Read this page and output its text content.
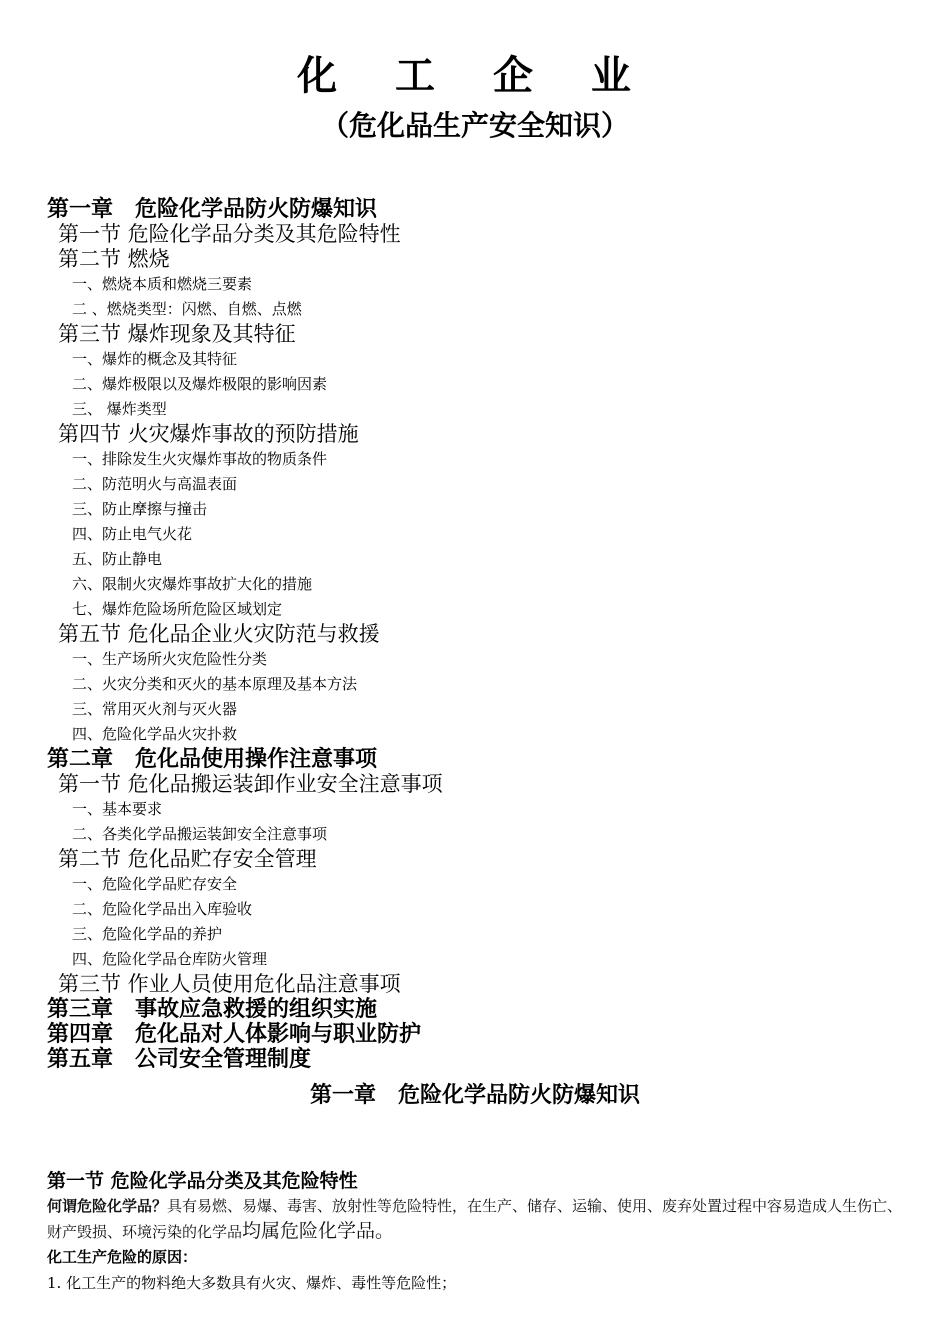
化 工 企 业
（危化品生产安全知识）
第一章　危险化学品防火防爆知识
第一节 危险化学品分类及其危险特性
第二节 燃烧
一、燃烧本质和燃烧三要素
二 、燃烧类型：闪燃、自燃、点燃
第三节 爆炸现象及其特征
一、爆炸的概念及其特征
二、爆炸极限以及爆炸极限的影响因素
三、 爆炸类型
第四节 火灾爆炸事故的预防措施
一、排除发生火灾爆炸事故的物质条件
二、防范明火与高温表面
三、防止摩擦与撞击
四、防止电气火花
五、防止静电
六、限制火灾爆炸事故扩大化的措施
七、爆炸危险场所危险区域划定
第五节 危化品企业火灾防范与救援
一、生产场所火灾危险性分类
二、火灾分类和灭火的基本原理及基本方法
三、常用灭火剂与灭火器
四、危险化学品火灾扑救
第二章　危化品使用操作注意事项
第一节 危化品搬运装卸作业安全注意事项
一、基本要求
二、各类化学品搬运装卸安全注意事项
第二节 危化品贮存安全管理
一、危险化学品贮存安全
二、危险化学品出入库验收
三、危险化学品的养护
四、危险化学品仓库防火管理
第三节 作业人员使用危化品注意事项
第三章　事故应急救援的组织实施
第四章　危化品对人体影响与职业防护
第五章　公司安全管理制度
第一章　危险化学品防火防爆知识
第一节 危险化学品分类及其危险特性
何谓危险化学品？具有易燃、易爆、毒害、放射性等危险特性，在生产、储存、运输、使用、废弃处置过程中容易造成人生伤亡、财产毁损、环境污染的化学品均属危险化学品。
化工生产危险的原因：
1. 化工生产的物料绝大多数具有火灾、爆炸、毒性等危险性；
